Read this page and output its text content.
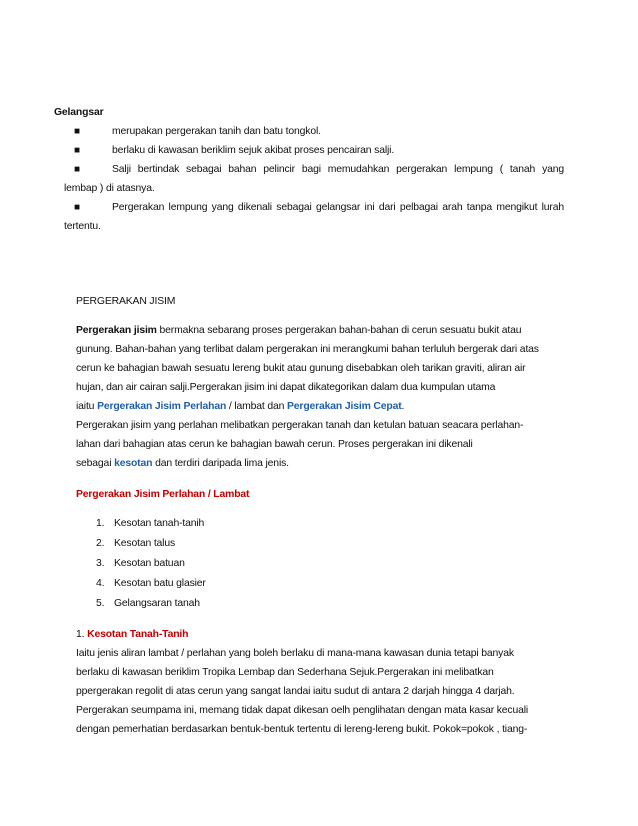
Gelangsar
■	merupakan pergerakan tanih dan batu tongkol.
■	berlaku di kawasan beriklim sejuk akibat proses pencairan salji.
■	Salji bertindak sebagai bahan pelincir bagi memudahkan pergerakan lempung ( tanah yang
lembap ) di atasnya.
■	Pergerakan lempung yang dikenali sebagai gelangsar ini dari pelbagai arah tanpa mengikut lurah
tertentu.
PERGERAKAN JISIM
Pergerakan jisim bermakna sebarang proses pergerakan bahan-bahan di cerun sesuatu bukit atau
gunung. Bahan-bahan yang terlibat dalam pergerakan ini merangkumi bahan terluluh bergerak dari atas
cerun ke bahagian bawah sesuatu lereng bukit atau gunung disebabkan oleh tarikan graviti, aliran air
hujan, dan air cairan salji.Pergerakan jisim ini dapat dikategorikan dalam dua kumpulan utama
iaitu Pergerakan Jisim Perlahan / lambat dan Pergerakan Jisim Cepat.
Pergerakan jisim yang perlahan melibatkan pergerakan tanah dan ketulan batuan seacara perlahan-
lahan dari bahagian atas cerun ke bahagian bawah cerun. Proses pergerakan ini dikenali
sebagai kesotan dan terdiri daripada lima jenis.
Pergerakan Jisim Perlahan / Lambat
1. Kesotan tanah-tanih
2. Kesotan talus
3. Kesotan batuan
4. Kesotan batu glasier
5. Gelangsaran tanah
1. Kesotan Tanah-Tanih
Iaitu jenis aliran lambat / perlahan yang boleh berlaku di mana-mana kawasan dunia tetapi banyak
berlaku di kawasan beriklim Tropika Lembap dan Sederhana Sejuk.Pergerakan ini melibatkan
ppergerakan regolit di atas cerun yang sangat landai iaitu sudut di antara 2 darjah hingga 4 darjah.
Pergerakan seumpama ini, memang tidak dapat dikesan oelh penglihatan dengan mata kasar kecuali
dengan pemerhatian berdasarkan bentuk-bentuk tertentu di lereng-lereng bukit. Pokok=pokok , tiang-
